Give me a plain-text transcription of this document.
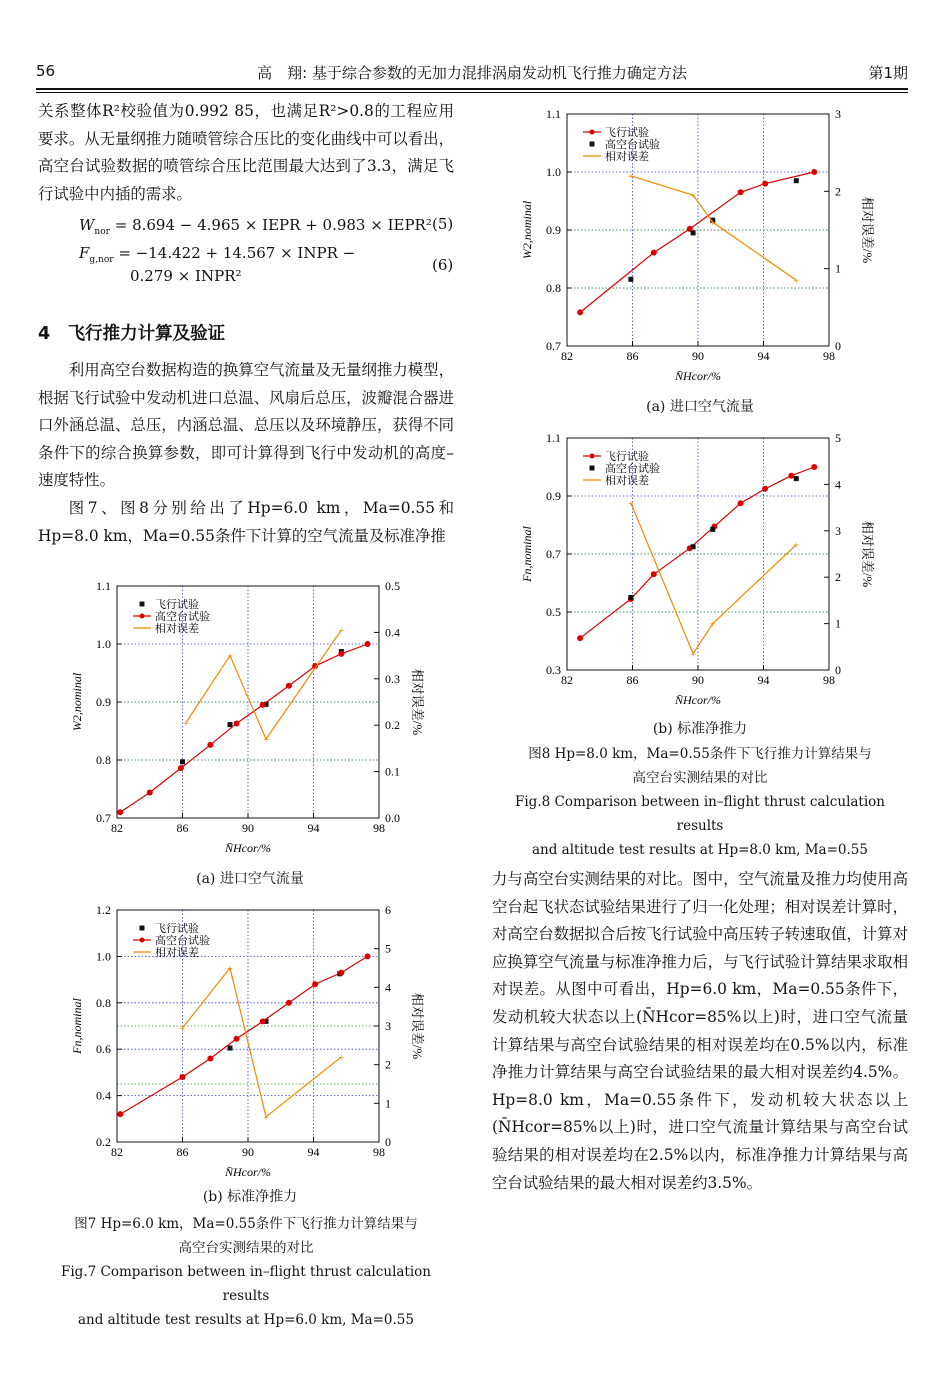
56	高　翔: 基于综合参数的无加力混排涡扇发动机飞行推力确定方法	第1期

关系整体R²校验值为0.992 85，也满足R²>0.8的工程应用要求。从无量纲推力随喷管综合压比的变化曲线中可以看出，高空台试验数据的喷管综合压比范围最大达到了3.3，满足飞行试验中内插的需求。

$W_{nor} = 8.694 - 4.965$ × IEPR + 0.983 × IEPR² (5)
$F_{g,nor} = -14.422 + 14.567$ × INPR −
0.279 × INPR²
(6)
4　飞行推力计算及验证

利用高空台数据构造的换算空气流量及无量纲推力模型，根据飞行试验中发动机进口总温、风扇后总压，波瓣混合器进口外涵总温、总压，内涵总温、总压以及环境静压，获得不同条件下的综合换算参数，即可计算得到飞行中发动机的高度–速度特性。

图7、图8分别给出了Hp=6.0 km，Ma=0.55和Hp=8.0 km，Ma=0.55条件下计算的空气流量及标准净推

82	86	90	94	98
0.7
0.8
0.9
1.0
1.1
0.0
0.1
0.2
0.3
0.4
0.5
N̄Hcor/%
W2,nominal	相对误差/%
+
+
+
+
飞行试验
高空台试验
相对误差
(a) 进口空气流量
82	86	90	94	98
0.2
0.4
0.6
0.8
1.0
1.2
0
1
2
3
4
5
6
N̄Hcor/%
Fn,nominal	相对误差/%
+
+
+
+
飞行试验
高空台试验
相对误差
(b) 标准净推力
图7 Hp=6.0 km，Ma=0.55条件下飞行推力计算结果与
高空台实测结果的对比
Fig.7 Comparison between in–flight thrust calculation results
and altitude test results at Hp=6.0 km, Ma=0.55
82	86	90	94	98
0.7
0.8
0.9
1.0
1.1
0
1
2
3
N̄Hcor/%
W2,nominal	相对误差/%
+
+
+
+
飞行试验
高空台试验
相对误差
(a) 进口空气流量
82	86	90	94	98
0.3
0.5
0.7
0.9
1.1
0
1
2
3
4
5
N̄Hcor/%
Fn,nominal	相对误差/%
+
+
+
+
飞行试验
高空台试验
相对误差
(b) 标准净推力
图8 Hp=8.0 km，Ma=0.55条件下飞行推力计算结果与
高空台实测结果的对比
Fig.8 Comparison between in–flight thrust calculation results
and altitude test results at Hp=8.0 km, Ma=0.55

力与高空台实测结果的对比。图中，空气流量及推力均使用高空台起飞状态试验结果进行了归一化处理；相对误差计算时，对高空台数据拟合后按飞行试验中高压转子转速取值，计算对应换算空气流量与标准净推力后，与飞行试验计算结果求取相对误差。从图中可看出，Hp=6.0 km，Ma=0.55条件下，发动机较大状态以上(N̄Hcor=85%以上)时，进口空气流量计算结果与高空台试验结果的相对误差均在0.5%以内，标准净推力计算结果与高空台试验结果的最大相对误差约4.5%。Hp=8.0 km，Ma=0.55条件下，发动机较大状态以上(N̄Hcor=85%以上)时，进口空气流量计算结果与高空台试验结果的相对误差均在2.5%以内，标准净推力计算结果与高空台试验结果的最大相对误差约3.5%。
